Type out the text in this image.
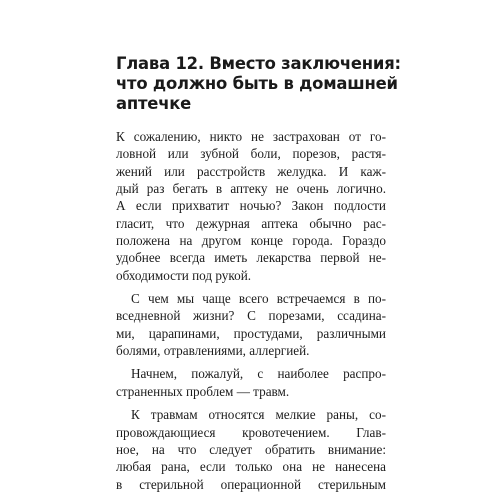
Глава 12. Вместо заключения:
что должно быть в домашней
аптечке

К сожалению, никто не застрахован от го-
ловной или зубной боли, порезов, растя-
жений или расстройств желудка. И каж-
дый раз бегать в аптеку не очень логично.
А если прихватит ночью? Закон подлости
гласит, что дежурная аптека обычно рас-
положена на другом конце города. Гораздо
удобнее всегда иметь лекарства первой не-
обходимости под рукой.

С чем мы чаще всего встречаемся в по-
вседневной жизни? С порезами, ссадина-
ми, царапинами, простудами, различными
болями, отравлениями, аллергией.

Начнем, пожалуй, с наиболее распро-
страненных проблем — травм.

К травмам относятся мелкие раны, со-
провождающиеся кровотечением. Глав-
ное, на что следует обратить внимание:
любая рана, если только она не нанесена
в стерильной операционной стерильным
